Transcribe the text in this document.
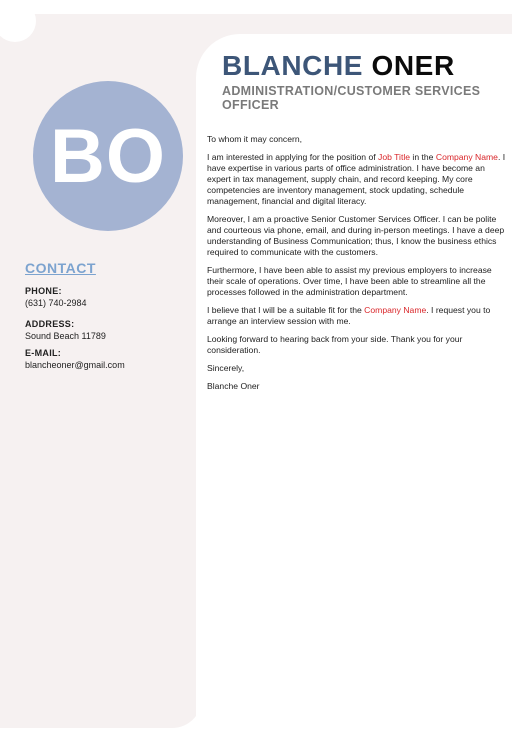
BO
CONTACT
PHONE:
(631) 740-2984
ADDRESS:
Sound Beach 11789
E-MAIL:
blancheoner@gmail.com
BLANCHE ONER
ADMINISTRATION/CUSTOMER SERVICES OFFICER

To whom it may concern,

I am interested in applying for the position of Job Title in the Company Name. I have expertise in various parts of office administration. I have become an expert in tax management, supply chain, and record keeping. My core competencies are inventory management, stock updating, schedule management, financial and digital literacy.

Moreover, I am a proactive Senior Customer Services Officer. I can be polite and courteous via phone, email, and during in-person meetings. I have a deep understanding of Business Communication; thus, I know the business ethics required to communicate with the customers.

Furthermore, I have been able to assist my previous employers to increase their scale of operations. Over time, I have been able to streamline all the processes followed in the administration department.

I believe that I will be a suitable fit for the Company Name. I request you to arrange an interview session with me.

Looking forward to hearing back from your side. Thank you for your consideration.

Sincerely,

Blanche Oner
